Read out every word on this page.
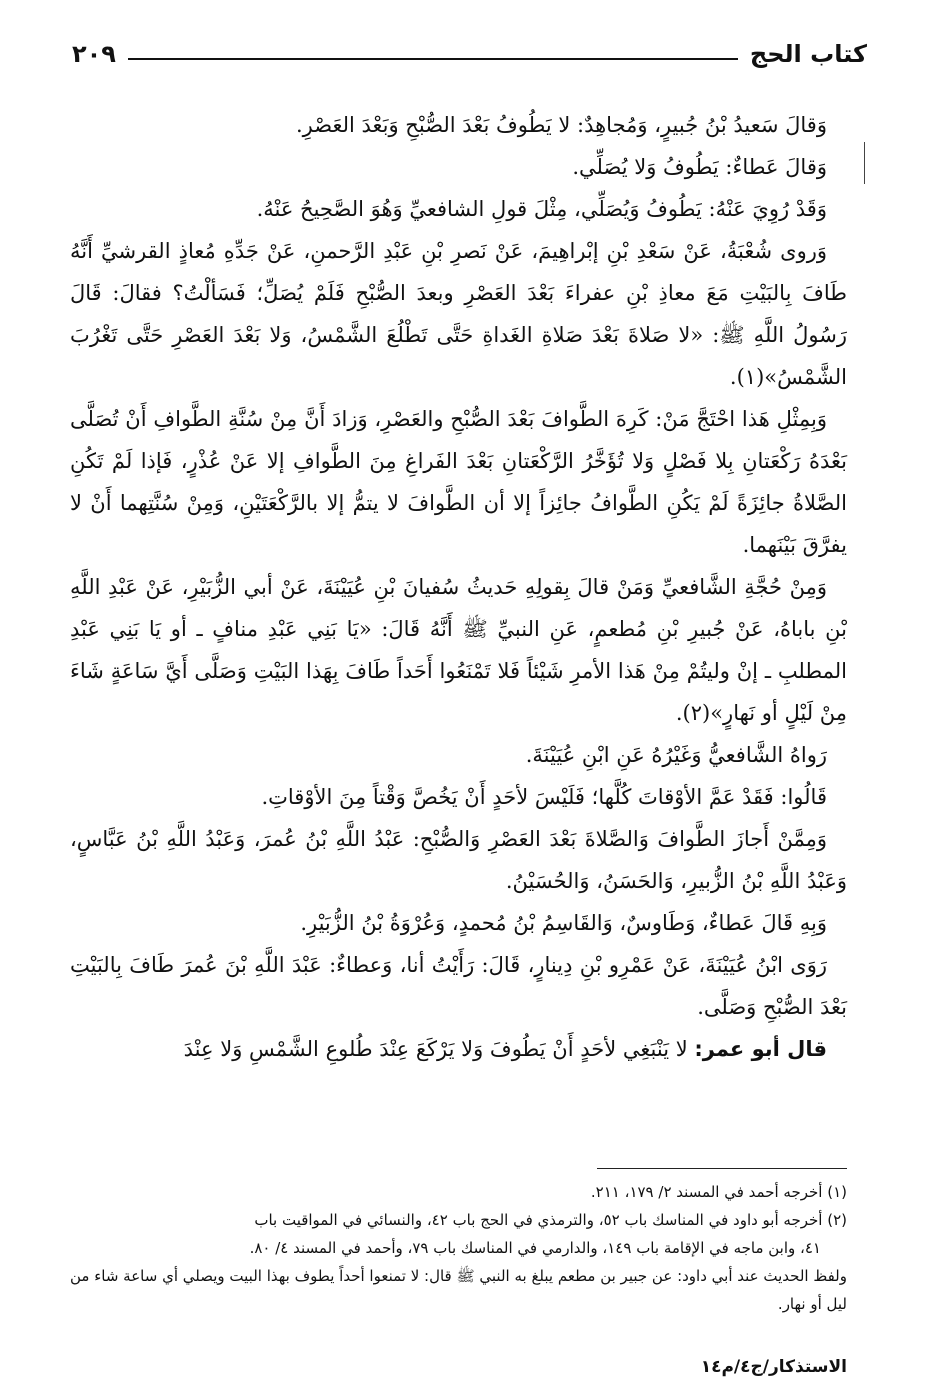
كتاب الحج
٢٠٩

وَقالَ سَعيدُ بْنُ جُبيرٍ، وَمُجاهِدٌ: لا يَطُوفُ بَعْدَ الصُّبْحِ وَبَعْدَ العَصْرِ.

وَقالَ عَطاءٌ: يَطُوفُ وَلا يُصَلِّي.

وَقَدْ رُوِيَ عَنْهُ: يَطُوفُ وَيُصَلِّي، مِثْلَ قولِ الشافعيِّ وَهُوَ الصَّحِيحُ عَنْهُ.

وَروى شُعْبَةُ، عَنْ سَعْدِ بْنِ إبْراهِيمَ، عَنْ نَصرِ بْنِ عَبْدِ الرَّحمنِ، عَنْ جَدِّهِ مُعاذٍ القرشيِّ أَنَّهُ طَافَ بِالبَيْتِ مَعَ معاذِ بْنِ عفراءَ بَعْدَ العَصْرِ وبعدَ الصُّبْحِ فَلَمْ يُصَلِّ؛ فَسَألْتُ؟ فقالَ: قَالَ رَسُولُ اللَّهِ ﷺ: «لا صَلاةَ بَعْدَ صَلاةِ الغَداةِ حَتَّى تَطْلُعَ الشَّمْسُ، وَلا بَعْدَ العَصْرِ حَتَّى تَغْرُبَ الشَّمْسُ»(١).

وَبِمِثْلِ هَذا احْتَجَّ مَنْ: كَرِهَ الطَّوافَ بَعْدَ الصُّبْحِ والعَصْرِ، وَزادَ أَنَّ مِنْ سُنَّةِ الطَّوافِ أَنْ تُصَلَّى بَعْدَهُ رَكْعَتانِ بِلا فَصْلٍ وَلا تُؤَخَّرُ الرَّكْعَتانِ بَعْدَ الفَراغِ مِنَ الطَّوافِ إلا عَنْ عُذْرٍ، فَإذا لَمْ تَكُنِ الصَّلاةُ جائِزَةً لَمْ يَكُنِ الطَّوافُ جائِزاً إلا أن الطَّوافَ لا يتمُّ إلا بالرَّكْعَتَيْنِ، وَمِنْ سُنَّتِهما أَنْ لا يفرَّقَ بَيْنَهما.

وَمِنْ حُجَّةِ الشَّافعيِّ وَمَنْ قالَ بِقولِهِ حَديثُ سُفيانَ بْنِ عُيَيْنَةَ، عَنْ أبي الزُّبَيْرِ، عَنْ عَبْدِ اللَّهِ بْنِ باباهُ، عَنْ جُبيرِ بْنِ مُطعمٍ، عَنِ النبيِّ ﷺ أَنَّهُ قَالَ: «يَا بَنِي عَبْدِ منافٍ ـ أو يَا بَنِي عَبْدِ المطلبِ ـ إنْ وليتُمْ مِنْ هَذا الأمرِ شَيْئاً فَلا تَمْنَعُوا أَحَداً طَافَ بِهَذا البَيْتِ وَصَلَّى أَيَّ سَاعَةٍ شَاءَ مِنْ لَيْلٍ أو نَهارٍ»(٢).

رَواهُ الشَّافعيُّ وَغَيْرُهُ عَنِ ابْنِ عُيَيْنَةَ.

قَالُوا: فَقَدْ عَمَّ الأوْقاتَ كُلَّها؛ فَلَيْسَ لأحَدٍ أَنْ يَخُصَّ وَقْتاً مِنَ الأوْقاتِ.

وَمِمَّنْ أَجازَ الطَّوافَ وَالصَّلاةَ بَعْدَ العَصْرِ وَالصُّبْحِ: عَبْدُ اللَّهِ بْنُ عُمرَ، وَعَبْدُ اللَّهِ بْنُ عَبَّاسٍ، وَعَبْدُ اللَّهِ بْنُ الزُّبيرِ، وَالحَسَنُ، وَالحُسَيْنُ.

وَبِهِ قَالَ عَطاءٌ، وَطَاوسٌ، وَالقَاسِمُ بْنُ مُحمدٍ، وَعُرْوَةُ بْنُ الزُّبَيْرِ.

رَوَى ابْنُ عُيَيْنَةَ، عَنْ عَمْرِو بْنِ دِينارٍ، قَالَ: رَأَيْتُ أنا، وَعطاءٌ: عَبْدَ اللَّهِ بْنَ عُمرَ طَافَ بِالبَيْتِ بَعْدَ الصُّبْحِ وَصَلَّى.

قال أبو عمر: لا يَنْبَغِي لأحَدٍ أَنْ يَطُوفَ وَلا يَرْكَعَ عِنْدَ طُلوعِ الشَّمْسِ وَلا عِنْدَ

(١) أخرجه أحمد في المسند ٢/ ١٧٩، ٢١١.

(٢) أخرجه أبو داود في المناسك باب ٥٢، والترمذي في الحج باب ٤٢، والنسائي في المواقيت باب

٤١، وابن ماجه في الإقامة باب ١٤٩، والدارمي في المناسك باب ٧٩، وأحمد في المسند ٤/ ٨٠.

ولفظ الحديث عند أبي داود: عن جبير بن مطعم يبلغ به النبي ﷺ قال: لا تمنعوا أحداً يطوف بهذا البيت ويصلي أي ساعة شاء من ليل أو نهار.

الاستذكار/ج٤/م١٤
